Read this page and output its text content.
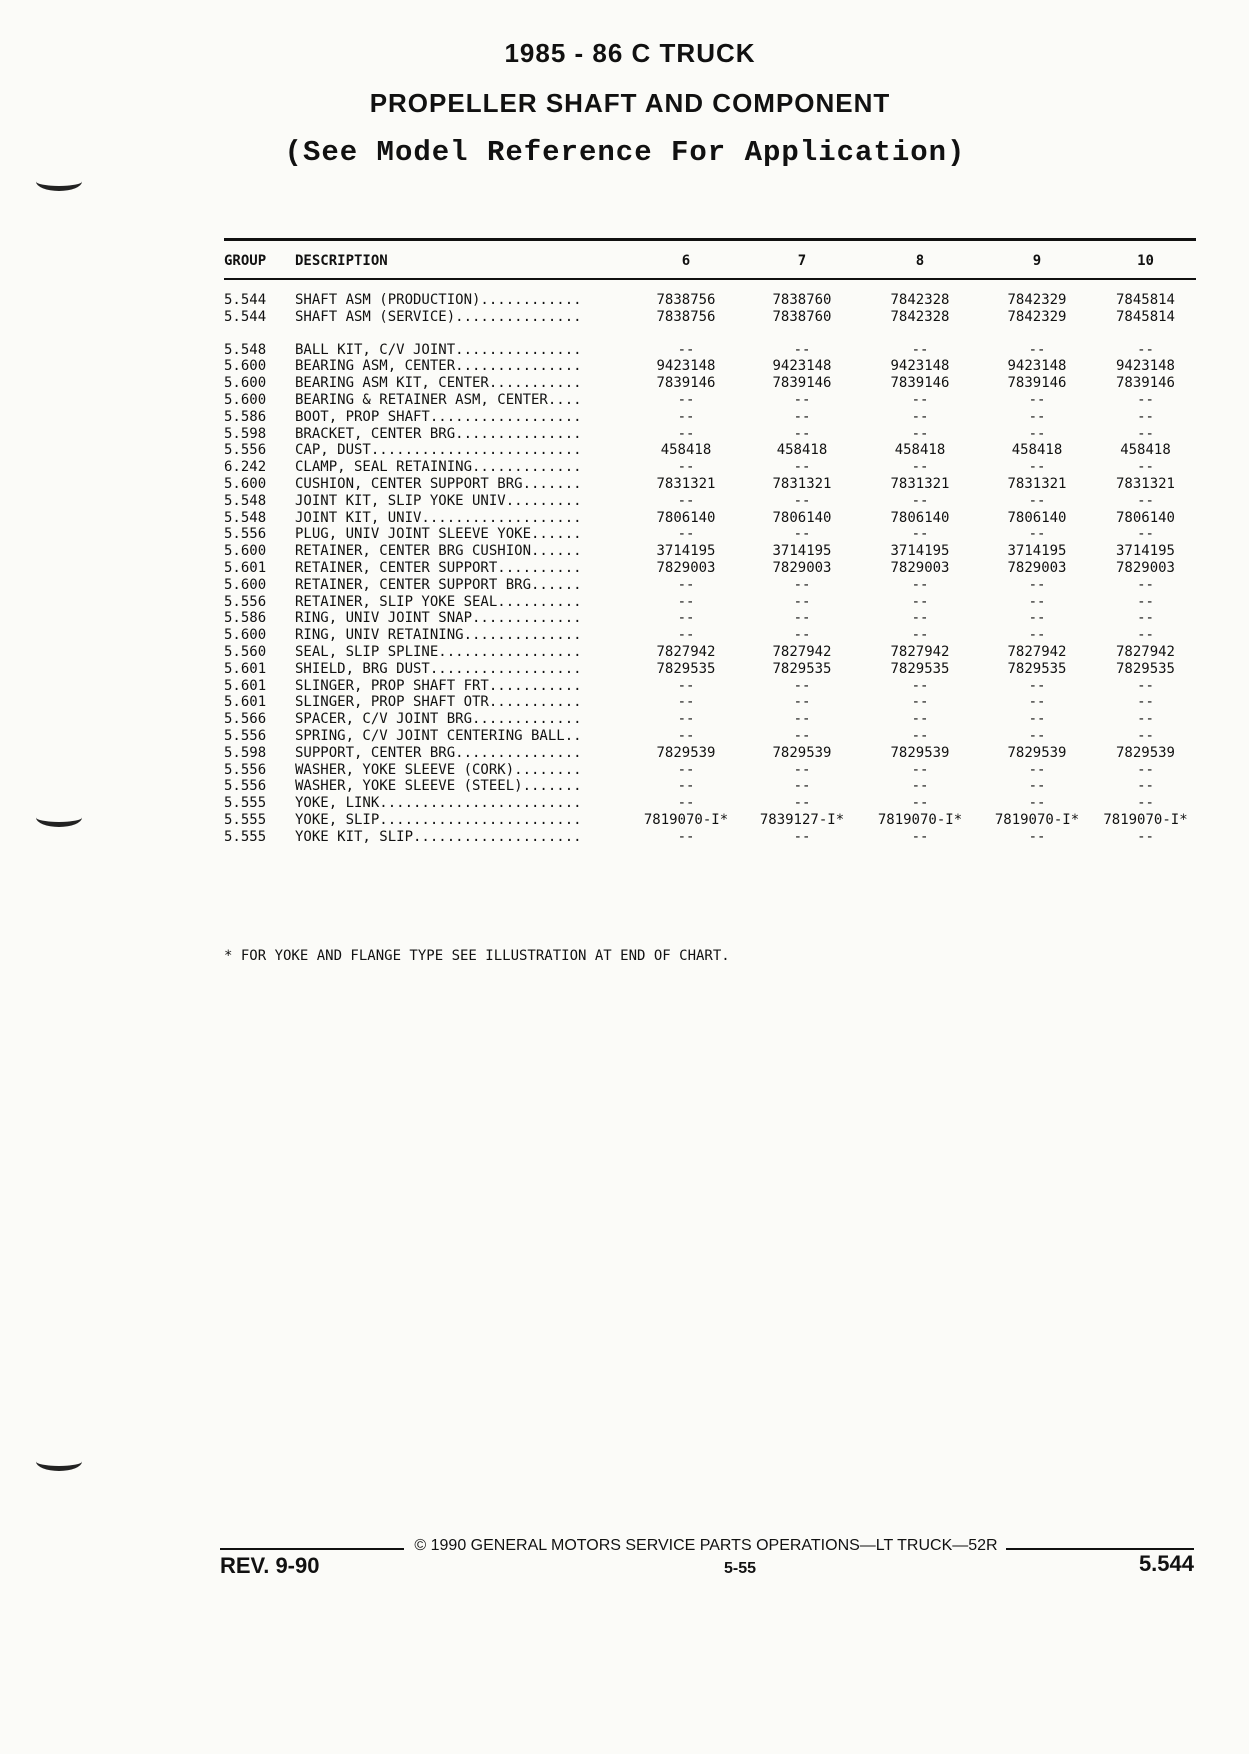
1985 - 86 C TRUCK
PROPELLER SHAFT AND COMPONENT
(See Model Reference For Application)
GROUP	DESCRIPTION	6	7	8	9	10

5.544	SHAFT ASM (PRODUCTION)............	7838756	7838760	7842328	7842329	7845814
5.544	SHAFT ASM (SERVICE)...............	7838756	7838760	7842328	7842329	7845814

5.548	BALL KIT, C/V JOINT...............	--	--	--	--	--
5.600	BEARING ASM, CENTER...............	9423148	9423148	9423148	9423148	9423148
5.600	BEARING ASM KIT, CENTER...........	7839146	7839146	7839146	7839146	7839146
5.600	BEARING & RETAINER ASM, CENTER....	--	--	--	--	--
5.586	BOOT, PROP SHAFT..................	--	--	--	--	--
5.598	BRACKET, CENTER BRG...............	--	--	--	--	--
5.556	CAP, DUST.........................	458418	458418	458418	458418	458418
6.242	CLAMP, SEAL RETAINING.............	--	--	--	--	--
5.600	CUSHION, CENTER SUPPORT BRG.......	7831321	7831321	7831321	7831321	7831321
5.548	JOINT KIT, SLIP YOKE UNIV.........	--	--	--	--	--
5.548	JOINT KIT, UNIV...................	7806140	7806140	7806140	7806140	7806140
5.556	PLUG, UNIV JOINT SLEEVE YOKE......	--	--	--	--	--
5.600	RETAINER, CENTER BRG CUSHION......	3714195	3714195	3714195	3714195	3714195
5.601	RETAINER, CENTER SUPPORT..........	7829003	7829003	7829003	7829003	7829003
5.600	RETAINER, CENTER SUPPORT BRG......	--	--	--	--	--
5.556	RETAINER, SLIP YOKE SEAL..........	--	--	--	--	--
5.586	RING, UNIV JOINT SNAP.............	--	--	--	--	--
5.600	RING, UNIV RETAINING..............	--	--	--	--	--
5.560	SEAL, SLIP SPLINE.................	7827942	7827942	7827942	7827942	7827942
5.601	SHIELD, BRG DUST..................	7829535	7829535	7829535	7829535	7829535
5.601	SLINGER, PROP SHAFT FRT...........	--	--	--	--	--
5.601	SLINGER, PROP SHAFT OTR...........	--	--	--	--	--
5.566	SPACER, C/V JOINT BRG.............	--	--	--	--	--
5.556	SPRING, C/V JOINT CENTERING BALL..	--	--	--	--	--
5.598	SUPPORT, CENTER BRG...............	7829539	7829539	7829539	7829539	7829539
5.556	WASHER, YOKE SLEEVE (CORK)........	--	--	--	--	--
5.556	WASHER, YOKE SLEEVE (STEEL).......	--	--	--	--	--
5.555	YOKE, LINK........................	--	--	--	--	--
5.555	YOKE, SLIP........................	7819070-I*	7839127-I*	7819070-I*	7819070-I*	7819070-I*
5.555	YOKE KIT, SLIP....................	--	--	--	--	--
* FOR YOKE AND FLANGE TYPE SEE ILLUSTRATION AT END OF CHART.
© 1990 GENERAL MOTORS SERVICE PARTS OPERATIONS—LT TRUCK—52R
REV. 9-90	5-55	5.544
